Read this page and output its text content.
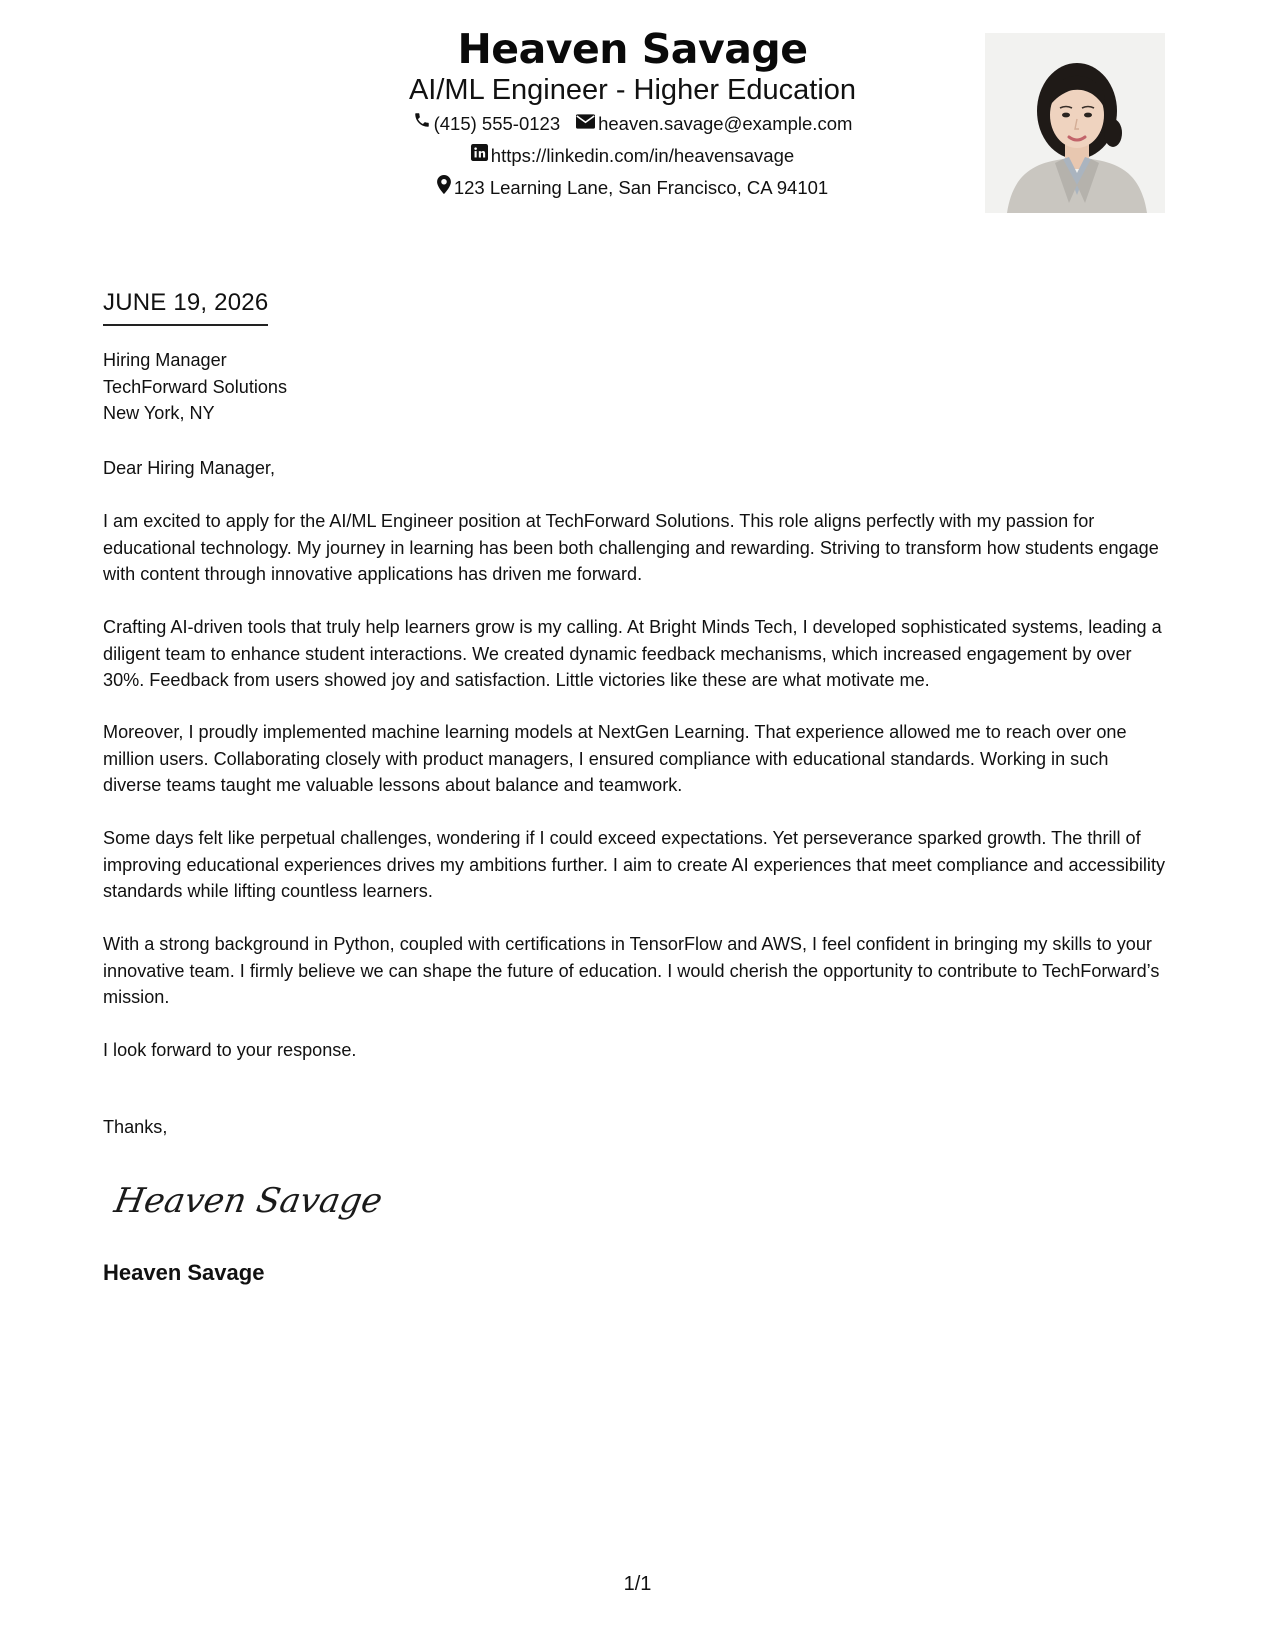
Heaven Savage
AI/ML Engineer - Higher Education
(415) 555-0123 heaven.savage@example.com
https://linkedin.com/in/heavensavage
123 Learning Lane, San Francisco, CA 94101
JUNE 19, 2026
Hiring Manager
TechForward Solutions
New York, NY
Dear Hiring Manager,
I am excited to apply for the AI/ML Engineer position at TechForward Solutions. This role aligns perfectly with my passion for educational technology. My journey in learning has been both challenging and rewarding. Striving to transform how students engage with content through innovative applications has driven me forward.
Crafting AI-driven tools that truly help learners grow is my calling. At Bright Minds Tech, I developed sophisticated systems, leading a diligent team to enhance student interactions. We created dynamic feedback mechanisms, which increased engagement by over 30%. Feedback from users showed joy and satisfaction. Little victories like these are what motivate me.
Moreover, I proudly implemented machine learning models at NextGen Learning. That experience allowed me to reach over one million users. Collaborating closely with product managers, I ensured compliance with educational standards. Working in such diverse teams taught me valuable lessons about balance and teamwork.
Some days felt like perpetual challenges, wondering if I could exceed expectations. Yet perseverance sparked growth. The thrill of improving educational experiences drives my ambitions further. I aim to create AI experiences that meet compliance and accessibility standards while lifting countless learners.
With a strong background in Python, coupled with certifications in TensorFlow and AWS, I feel confident in bringing my skills to your innovative team. I firmly believe we can shape the future of education. I would cherish the opportunity to contribute to TechForward’s mission.
I look forward to your response.
Thanks,
Heaven Savage
Heaven Savage
1/1
